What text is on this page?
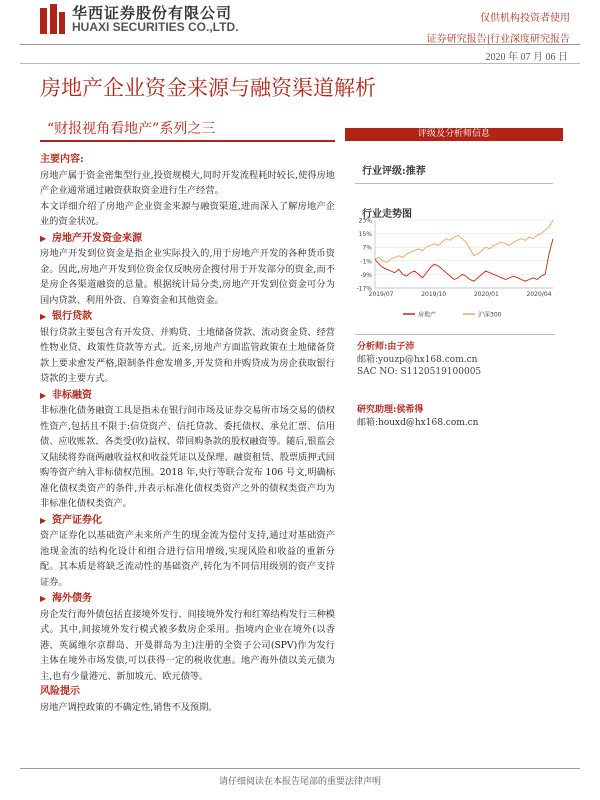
华西证券股份有限公司
HUAXI SECURITIES CO.,LTD.
仅供机构投资者使用
证券研究报告|行业深度研究报告
2020 年 07 月 06 日
房地产企业资金来源与融资渠道解析
“财报视角看地产”系列之三
主要内容:

房地产属于资金密集型行业,投资规模大,同时开发流程耗时较长,使得房地产企业通常通过融资获取资金进行生产经营。

本文详细介绍了房地产企业资金来源与融资渠道,进而深入了解房地产企业的资金状况。

▶ 房地产开发资金来源

房地产开发到位资金是指企业实际投入的,用于房地产开发的各种货币资金。因此,房地产开发到位资金仅反映房企搜付用于开发部分的资金,而不是房企各渠道融资的总量。根据统计局分类,房地产开发到位资金可分为国内贷款、利用外资、自筹资金和其他资金。

▶ 银行贷款

银行贷款主要包含有开发贷、并购贷、土地储备贷款、流动资金贷、经营性物业贷、政策性贷款等方式。近来,房地产方面监管政策在土地储备贷款上要求愈发严格,限制条件愈发增多,开发贷和并购贷成为房企获取银行贷款的主要方式。

▶ 非标融资

非标准化债务融资工具是指未在银行间市场及证券交易所市场交易的债权性资产,包括且不限于:信贷资产、信托贷款、委托债权、承兑汇票、信用债、应收账款、各类受(收)益权、带回购条款的股权融资等。随后,银监会又陆续将券商两融收益权和收益凭证以及保理、融资租赁、股票质押式回购等资产纳入非标债权范围。2018 年,央行等联合发布 106 号文,明确标准化债权类资产的条件,并表示标准化债权类资产之外的债权类资产均为非标准化债权类资产。

▶ 资产证券化

资产证券化以基础资产未来所产生的现金流为偿付支持,通过对基础资产池现金流的结构化设计和组合进行信用增级,实现风险和收益的重新分配。其本质是将缺乏流动性的基础资产,转化为不同信用级别的资产支持证券。

▶ 海外债务

房企发行海外债包括直接境外发行、间接境外发行和红筹结构发行三种模式。其中,间接境外发行模式被多数房企采用。指境内企业在境外(以香港、英属维尔京群岛、开曼群岛为主)注册的全资子公司(SPV)作为发行主体在境外市场发债,可以获得一定的税收优惠。地产海外债以美元债为主,也有少量港元、新加坡元、欧元债等。

风险提示

房地产调控政策的不确定性,销售不及预期。

评级及分析师信息
行业评级:推荐
行业走势图
23%
15%
7%
-1%
-9%
-17%
2019/07	2019/10	2020/01	2020/04
房地产	沪深300
分析师:由子沛
邮箱:youzp@hx168.com.cn
SAC NO: S1120519100005
研究助理:侯希得
邮箱:houxd@hx168.com.cn
请仔细阅读在本报告尾部的重要法律声明
